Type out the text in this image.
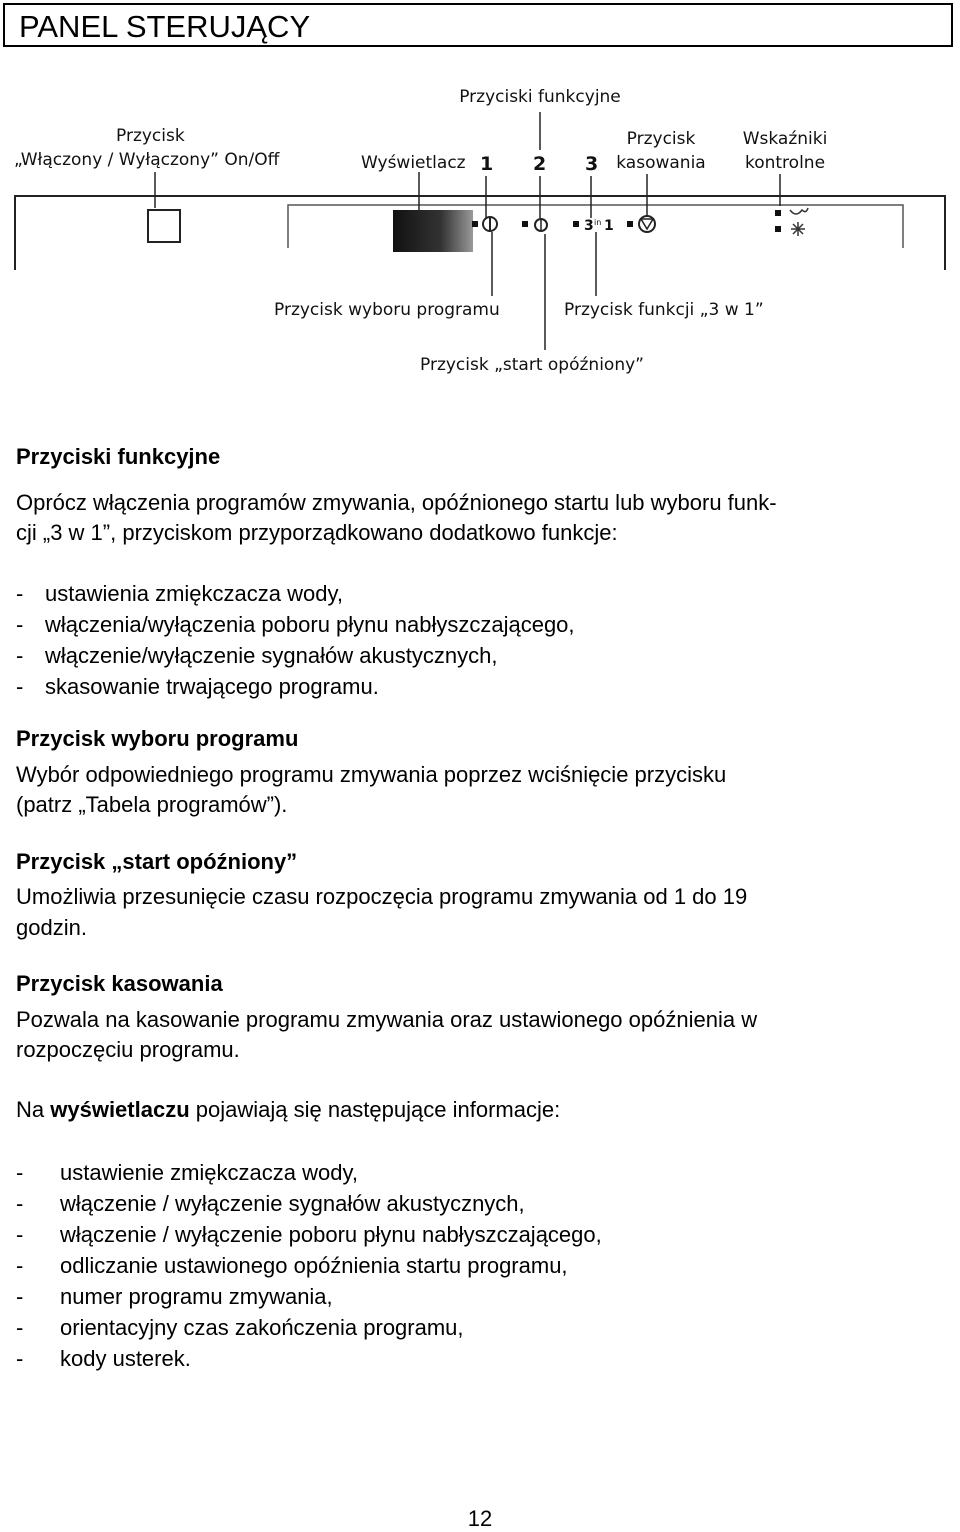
PANEL STERUJĄCY
3 in 1
Przyciski funkcyjne
Przycisk
„Włączony / Wyłączony” On/Off	Wyświetlacz 1 2 3
Przycisk
kasowania
Wskaźniki
kontrolne
Przycisk wyboru programu	Przycisk funkcji „3 w 1”
Przycisk „start opóźniony”
Przyciski funkcyjne
Oprócz włączenia programów zmywania, opóźnionego startu lub wyboru funk-
cji „3 w 1”, przyciskom przyporządkowano dodatkowo funkcje:
- ustawienia zmiękczacza wody,
- włączenia/wyłączenia poboru płynu nabłyszczającego,
- włączenie/wyłączenie sygnałów akustycznych,
- skasowanie trwającego programu.
Przycisk wyboru programu
Wybór odpowiedniego programu zmywania poprzez wciśnięcie przycisku
(patrz „Tabela programów”).
Przycisk „start opóźniony”
Umożliwia przesunięcie czasu rozpoczęcia programu zmywania od 1 do 19
godzin.
Przycisk kasowania
Pozwala na kasowanie programu zmywania oraz ustawionego opóźnienia w
rozpoczęciu programu.
Na wyświetlaczu pojawiają się następujące informacje:
- ustawienie zmiękczacza wody,
- włączenie / wyłączenie sygnałów akustycznych,
- włączenie / wyłączenie poboru płynu nabłyszczającego,
- odliczanie ustawionego opóźnienia startu programu,
- numer programu zmywania,
- orientacyjny czas zakończenia programu,
- kody usterek.
12
